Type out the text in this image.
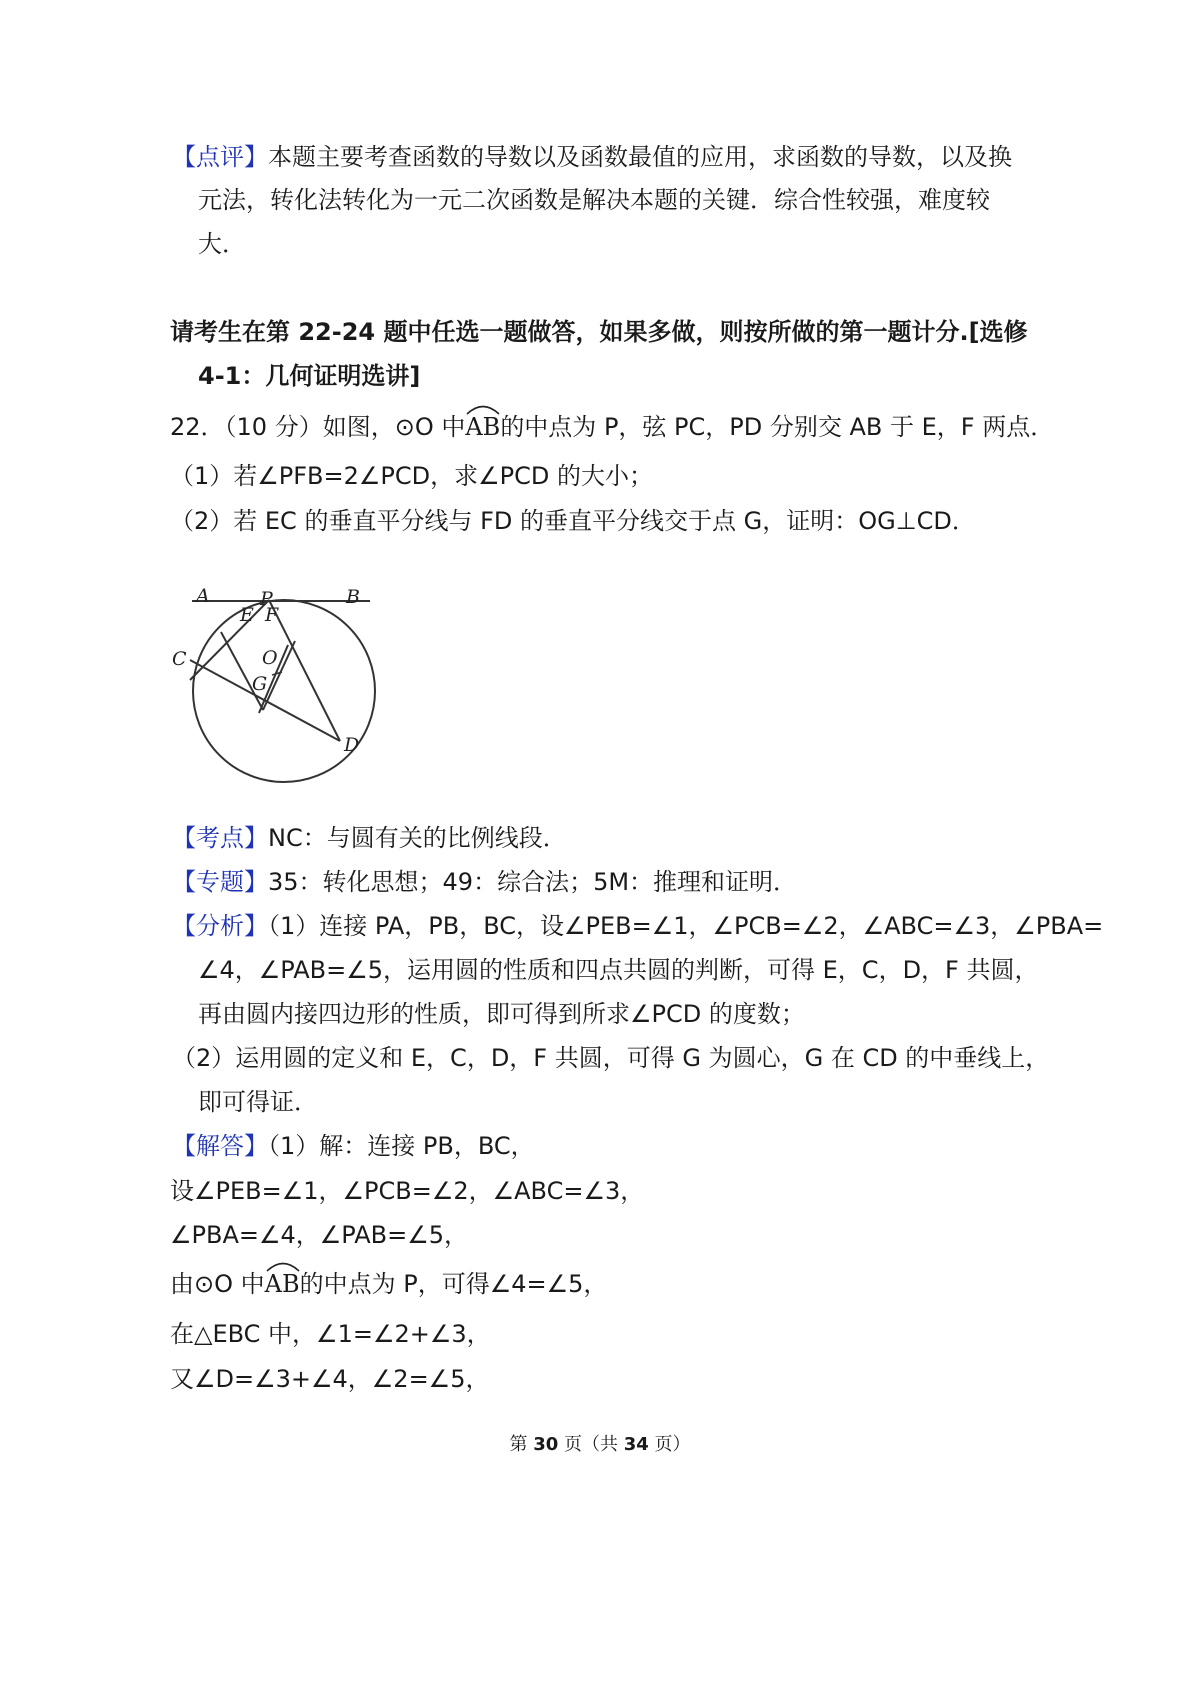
【点评】本题主要考查函数的导数以及函数最值的应用，求函数的导数，以及换
元法，转化法转化为一元二次函数是解决本题的关键．综合性较强，难度较
大．
请考生在第 22-24 题中任选一题做答，如果多做，则按所做的第一题计分.[选修
4-1：几何证明选讲]
22．（10 分）如图，⊙O 中
AB的中点为 P，弦 PC，PD 分别交 AB 于 E，F 两点．
（1）若∠PFB=2∠PCD，求∠PCD 的大小；
（2）若 EC 的垂直平分线与 FD 的垂直平分线交于点 G，证明：OG⊥CD．
P
A	B
E F
C	O
G
D
【考点】NC：与圆有关的比例线段．
【专题】35：转化思想；49：综合法；5M：推理和证明．
【分析】（1）连接 PA，PB，BC，设∠PEB=∠1，∠PCB=∠2，∠ABC=∠3，∠PBA=
∠4，∠PAB=∠5，运用圆的性质和四点共圆的判断，可得 E，C，D，F 共圆，
再由圆内接四边形的性质，即可得到所求∠PCD 的度数；
（2）运用圆的定义和 E，C，D，F 共圆，可得 G 为圆心，G 在 CD 的中垂线上，
即可得证．
【解答】（1）解：连接 PB，BC，
设∠PEB=∠1，∠PCB=∠2，∠ABC=∠3，
∠PBA=∠4，∠PAB=∠5，
由⊙O 中
AB的中点为 P，可得∠4=∠5，
在△EBC 中，∠1=∠2+∠3，
又∠D=∠3+∠4，∠2=∠5，
第 30 页（共 34 页）
